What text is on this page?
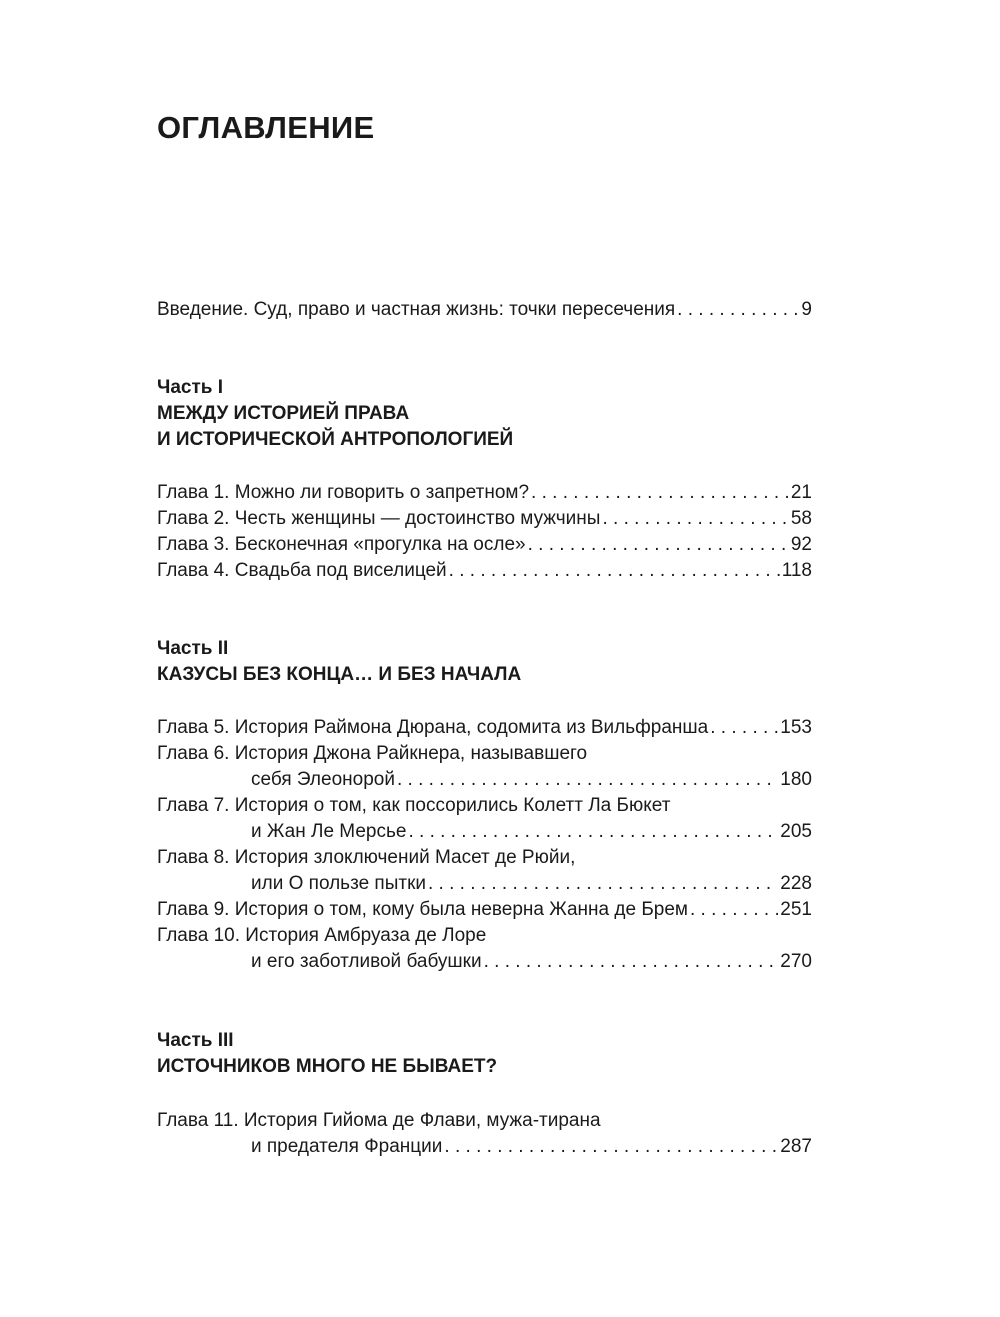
ОГЛАВЛЕНИЕ
Введение. Суд, право и частная жизнь: точки пересечения . . .	9
Часть I
МЕЖДУ ИСТОРИЕЙ ПРАВА
И ИСТОРИЧЕСКОЙ АНТРОПОЛОГИЕЙ
Глава 1. Можно ли говорить о запретном? . . .	21
Глава 2. Честь женщины — достоинство мужчины . . .	58
Глава 3. Бесконечная «прогулка на осле» . . .	92
Глава 4. Свадьба под виселицей . . .	118
Часть II
КАЗУСЫ БЕЗ КОНЦА… И БЕЗ НАЧАЛА
Глава 5. История Раймона Дюрана, содомита из Вильфранша . . .	153
Глава 6. История Джона Райкнера, называвшего
себя Элеонорой . . .	180
Глава 7. История о том, как поссорились Колетт Ла Бюкет
и Жан Ле Мерсье . . .	205
Глава 8. История злоключений Масет де Рюйи,
или О пользе пытки . . .	228
Глава 9. История о том, кому была неверна Жанна де Брем . . .	251
Глава 10. История Амбруаза де Лоре
и его заботливой бабушки . . .	270
Часть III
ИСТОЧНИКОВ МНОГО НЕ БЫВАЕТ?
Глава 11. История Гийома де Флави, мужа-тирана
и предателя Франции . . .	287
